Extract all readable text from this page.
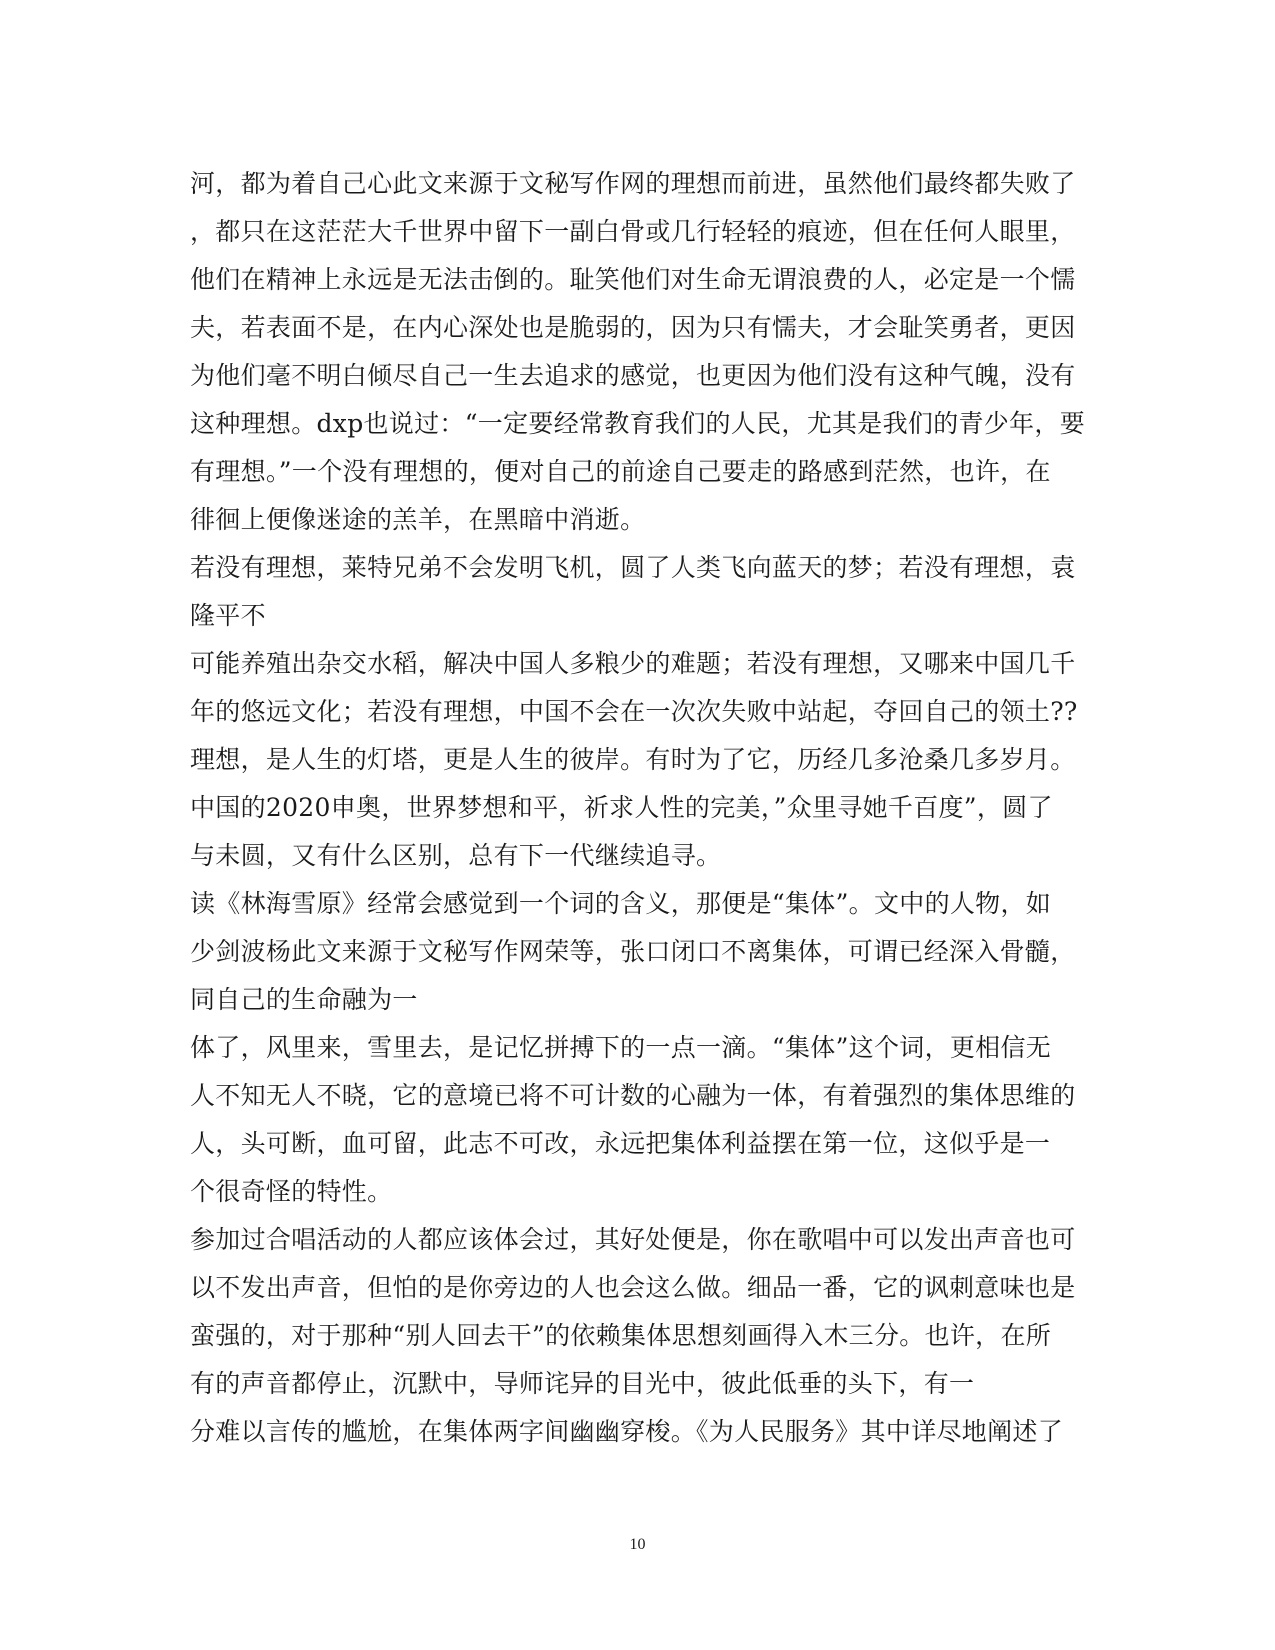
河，都为着自己心此文来源于文秘写作网的理想而前进，虽然他们最终都失败了
，都只在这茫茫大千世界中留下一副白骨或几行轻轻的痕迹，但在任何人眼里，
他们在精神上永远是无法击倒的。耻笑他们对生命无谓浪费的人，必定是一个懦
夫，若表面不是，在内心深处也是脆弱的，因为只有懦夫，才会耻笑勇者，更因
为他们毫不明白倾尽自己一生去追求的感觉，也更因为他们没有这种气魄，没有
这种理想。dxp也说过：“一定要经常教育我们的人民，尤其是我们的青少年，要
有理想。”一个没有理想的，便对自己的前途自己要走的路感到茫然，也许，在
徘徊上便像迷途的羔羊，在黑暗中消逝。
若没有理想，莱特兄弟不会发明飞机，圆了人类飞向蓝天的梦；若没有理想，袁
隆平不
可能养殖出杂交水稻，解决中国人多粮少的难题；若没有理想，又哪来中国几千
年的悠远文化；若没有理想，中国不会在一次次失败中站起，夺回自己的领土??
理想，是人生的灯塔，更是人生的彼岸。有时为了它，历经几多沧桑几多岁月。
中国的2020申奥，世界梦想和平，祈求人性的完美，”众里寻她千百度”，圆了
与未圆，又有什么区别，总有下一代继续追寻。
读《林海雪原》经常会感觉到一个词的含义，那便是“集体”。文中的人物，如
少剑波杨此文来源于文秘写作网荣等，张口闭口不离集体，可谓已经深入骨髓，
同自己的生命融为一
体了，风里来，雪里去，是记忆拼搏下的一点一滴。“集体”这个词，更相信无
人不知无人不晓，它的意境已将不可计数的心融为一体，有着强烈的集体思维的
人，头可断，血可留，此志不可改，永远把集体利益摆在第一位，这似乎是一
个很奇怪的特性。
参加过合唱活动的人都应该体会过，其好处便是，你在歌唱中可以发出声音也可
以不发出声音，但怕的是你旁边的人也会这么做。细品一番，它的讽刺意味也是
蛮强的，对于那种“别人回去干”的依赖集体思想刻画得入木三分。也许，在所
有的声音都停止，沉默中，导师诧异的目光中，彼此低垂的头下，有一
分难以言传的尴尬，在集体两字间幽幽穿梭。《为人民服务》其中详尽地阐述了
10
